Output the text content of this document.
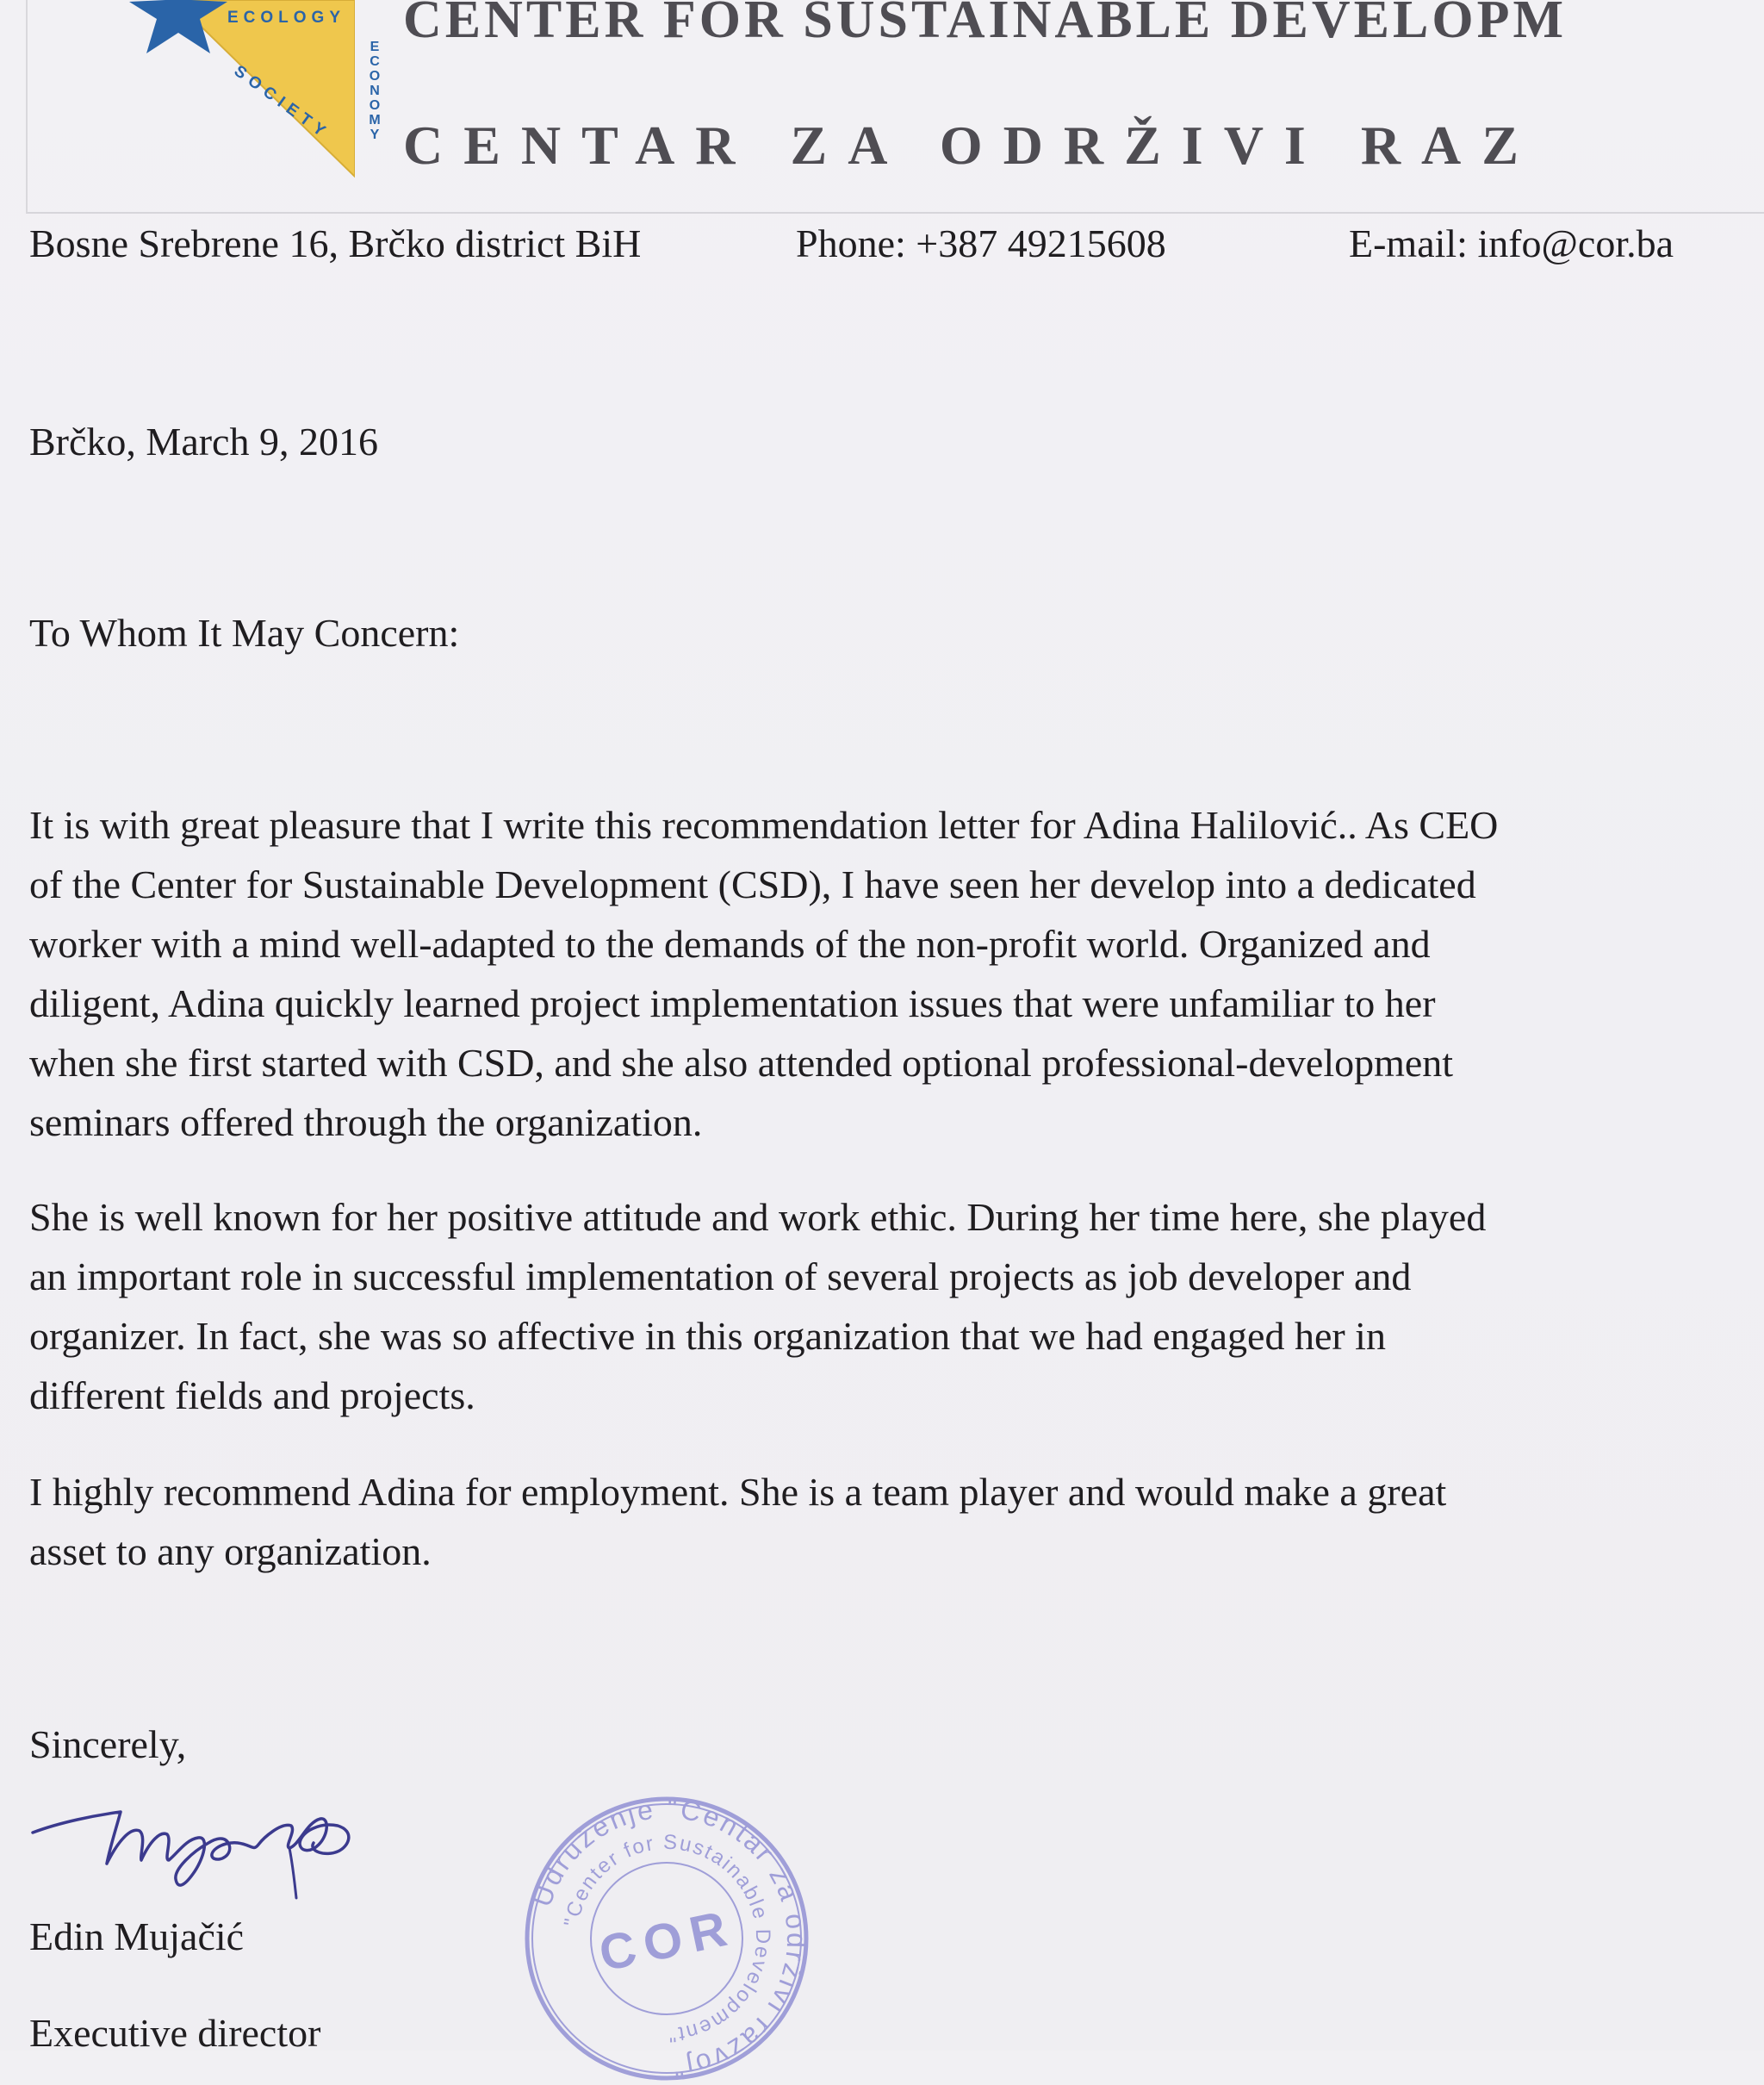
ECOLOGY
SOCIETY
ECONOMY
CENTER FOR SUSTAINABLE DEVELOPM
CENTAR ZA ODRŽIVI RAZ
Bosne Srebrene 16, Brčko district BiH	Phone: +387 49215608	E-mail: info@cor.ba
Brčko, March 9, 2016
To Whom It May Concern:
It is with great pleasure that I write this recommendation letter for Adina Halilović.. As CEO
of the Center for Sustainable Development (CSD), I have seen her develop into a dedicated
worker with a mind well-adapted to the demands of the non-profit world. Organized and
diligent, Adina quickly learned project implementation issues that were unfamiliar to her
when she first started with CSD, and she also attended optional professional-development
seminars offered through the organization.
She is well known for her positive attitude and work ethic. During her time here, she played
an important role in successful implementation of several projects as job developer and
organizer. In fact, she was so affective in this organization that we had engaged her in
different fields and projects.
I highly recommend Adina for employment. She is a team player and would make a great
asset to any organization.
Sincerely,
Udruženje "Centar za održivi razvoj"
"Center for Sustainable Development"
COR
Edin Mujačić
Executive director
